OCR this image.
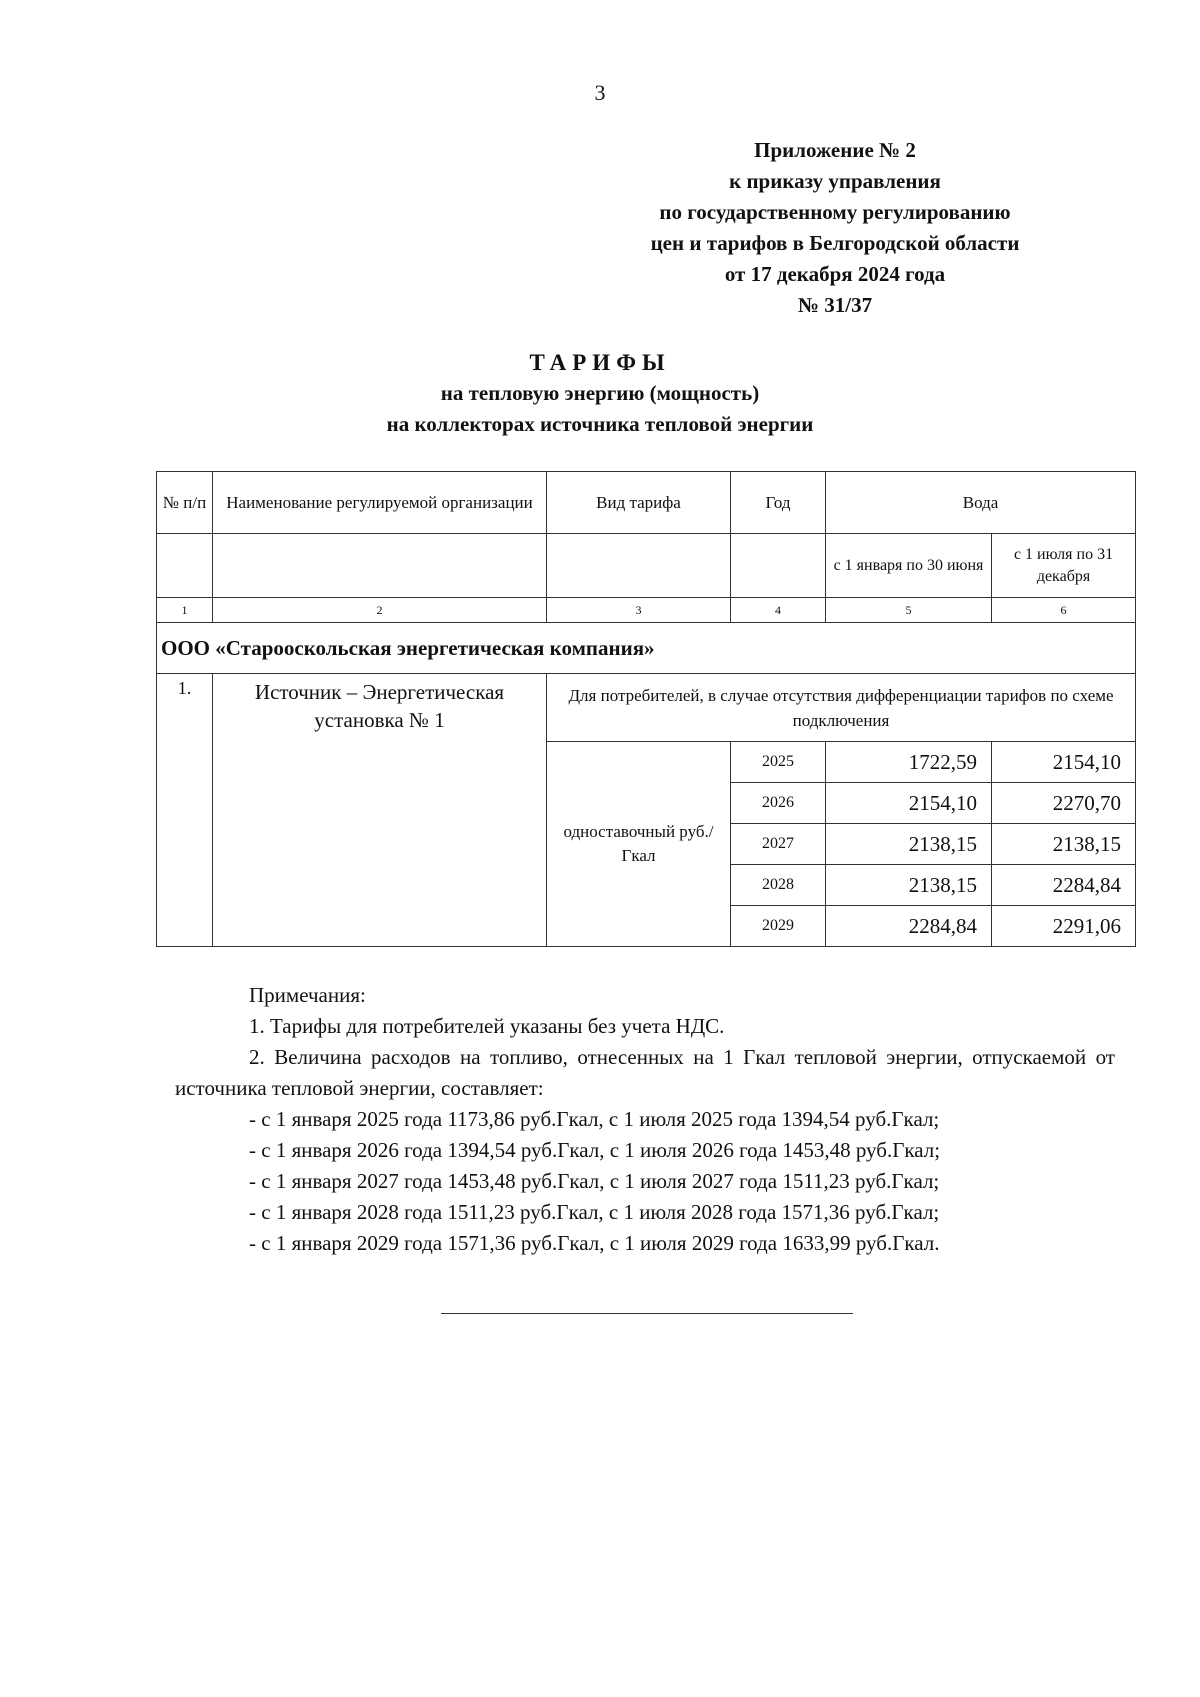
3
Приложение № 2
к приказу управления
по государственному регулированию
цен и тарифов в Белгородской области
от 17 декабря 2024 года
№ 31/37
ТАРИФЫ
на тепловую энергию (мощность)
на коллекторах источника тепловой энергии
№ п/п	Наименование регулируемой организации	Вид тарифа	Год	Вода	
				с 1 января по 30 июня	с 1 июля по 31 декабря
1	2	3	4	5	6
ООО «Старооскольская энергетическая компания»					
1.	Источник – Энергетическая установка № 1	Для потребителей, в случае отсутствия дифференциации тарифов по схеме подключения			
		одноставочный руб./Гкал			
			2025	1722,59	2154,10
			2026	2154,10	2270,70
			2027	2138,15	2138,15
			2028	2138,15	2284,84
			2029	2284,84	2291,06
Примечания:
1. Тарифы для потребителей указаны без учета НДС.
2. Величина расходов на топливо, отнесенных на 1 Гкал тепловой энергии, отпускаемой от источника тепловой энергии, составляет:
- с 1 января 2025 года 1173,86 руб.Гкал, с 1 июля 2025 года 1394,54 руб.Гкал;
- с 1 января 2026 года 1394,54 руб.Гкал, с 1 июля 2026 года 1453,48 руб.Гкал;
- с 1 января 2027 года 1453,48 руб.Гкал, с 1 июля 2027 года 1511,23 руб.Гкал;
- с 1 января 2028 года 1511,23 руб.Гкал, с 1 июля 2028 года 1571,36 руб.Гкал;
- с 1 января 2029 года 1571,36 руб.Гкал, с 1 июля 2029 года 1633,99 руб.Гкал.
